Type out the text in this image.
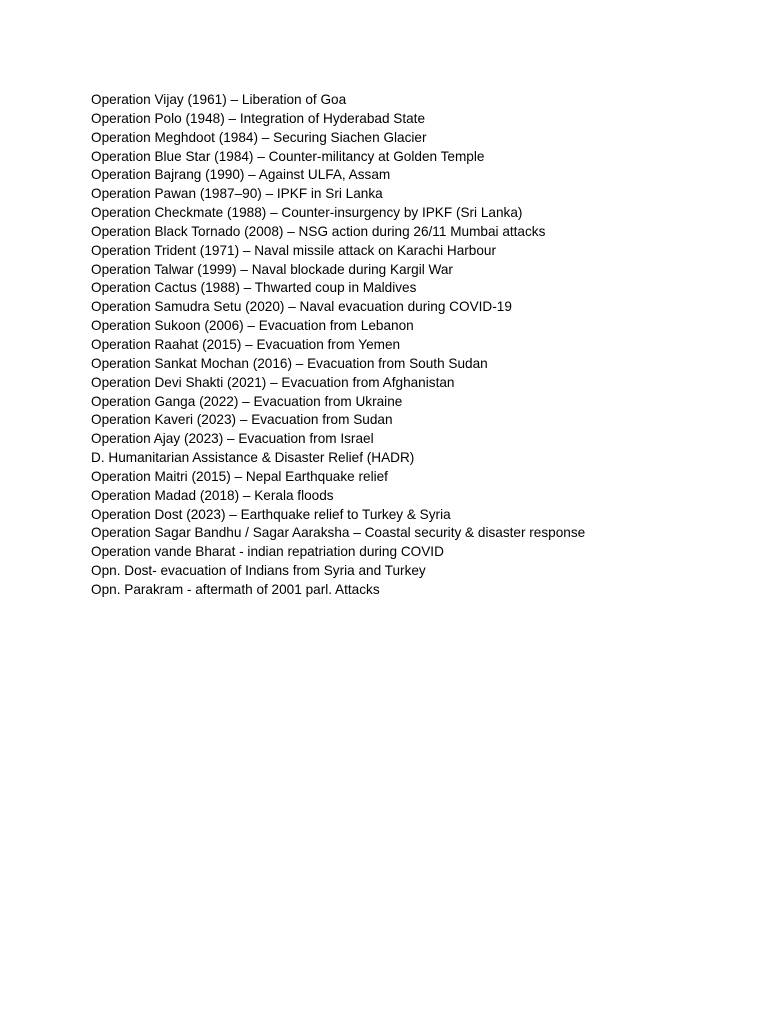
Operation Vijay (1961) – Liberation of Goa
Operation Polo (1948) – Integration of Hyderabad State
Operation Meghdoot (1984) – Securing Siachen Glacier
Operation Blue Star (1984) – Counter-militancy at Golden Temple
Operation Bajrang (1990) – Against ULFA, Assam
Operation Pawan (1987–90) – IPKF in Sri Lanka
Operation Checkmate (1988) – Counter-insurgency by IPKF (Sri Lanka)
Operation Black Tornado (2008) – NSG action during 26/11 Mumbai attacks
Operation Trident (1971) – Naval missile attack on Karachi Harbour
Operation Talwar (1999) – Naval blockade during Kargil War
Operation Cactus (1988) – Thwarted coup in Maldives
Operation Samudra Setu (2020) – Naval evacuation during COVID-19
Operation Sukoon (2006) – Evacuation from Lebanon
Operation Raahat (2015) – Evacuation from Yemen
Operation Sankat Mochan (2016) – Evacuation from South Sudan
Operation Devi Shakti (2021) – Evacuation from Afghanistan
Operation Ganga (2022) – Evacuation from Ukraine
Operation Kaveri (2023) – Evacuation from Sudan
Operation Ajay (2023) – Evacuation from Israel
D. Humanitarian Assistance & Disaster Relief (HADR)
Operation Maitri (2015) – Nepal Earthquake relief
Operation Madad (2018) – Kerala floods
Operation Dost (2023) – Earthquake relief to Turkey & Syria
Operation Sagar Bandhu / Sagar Aaraksha – Coastal security & disaster response
Operation vande Bharat - indian repatriation during COVID
Opn. Dost- evacuation of Indians from Syria and Turkey
Opn. Parakram - aftermath of 2001 parl. Attacks
